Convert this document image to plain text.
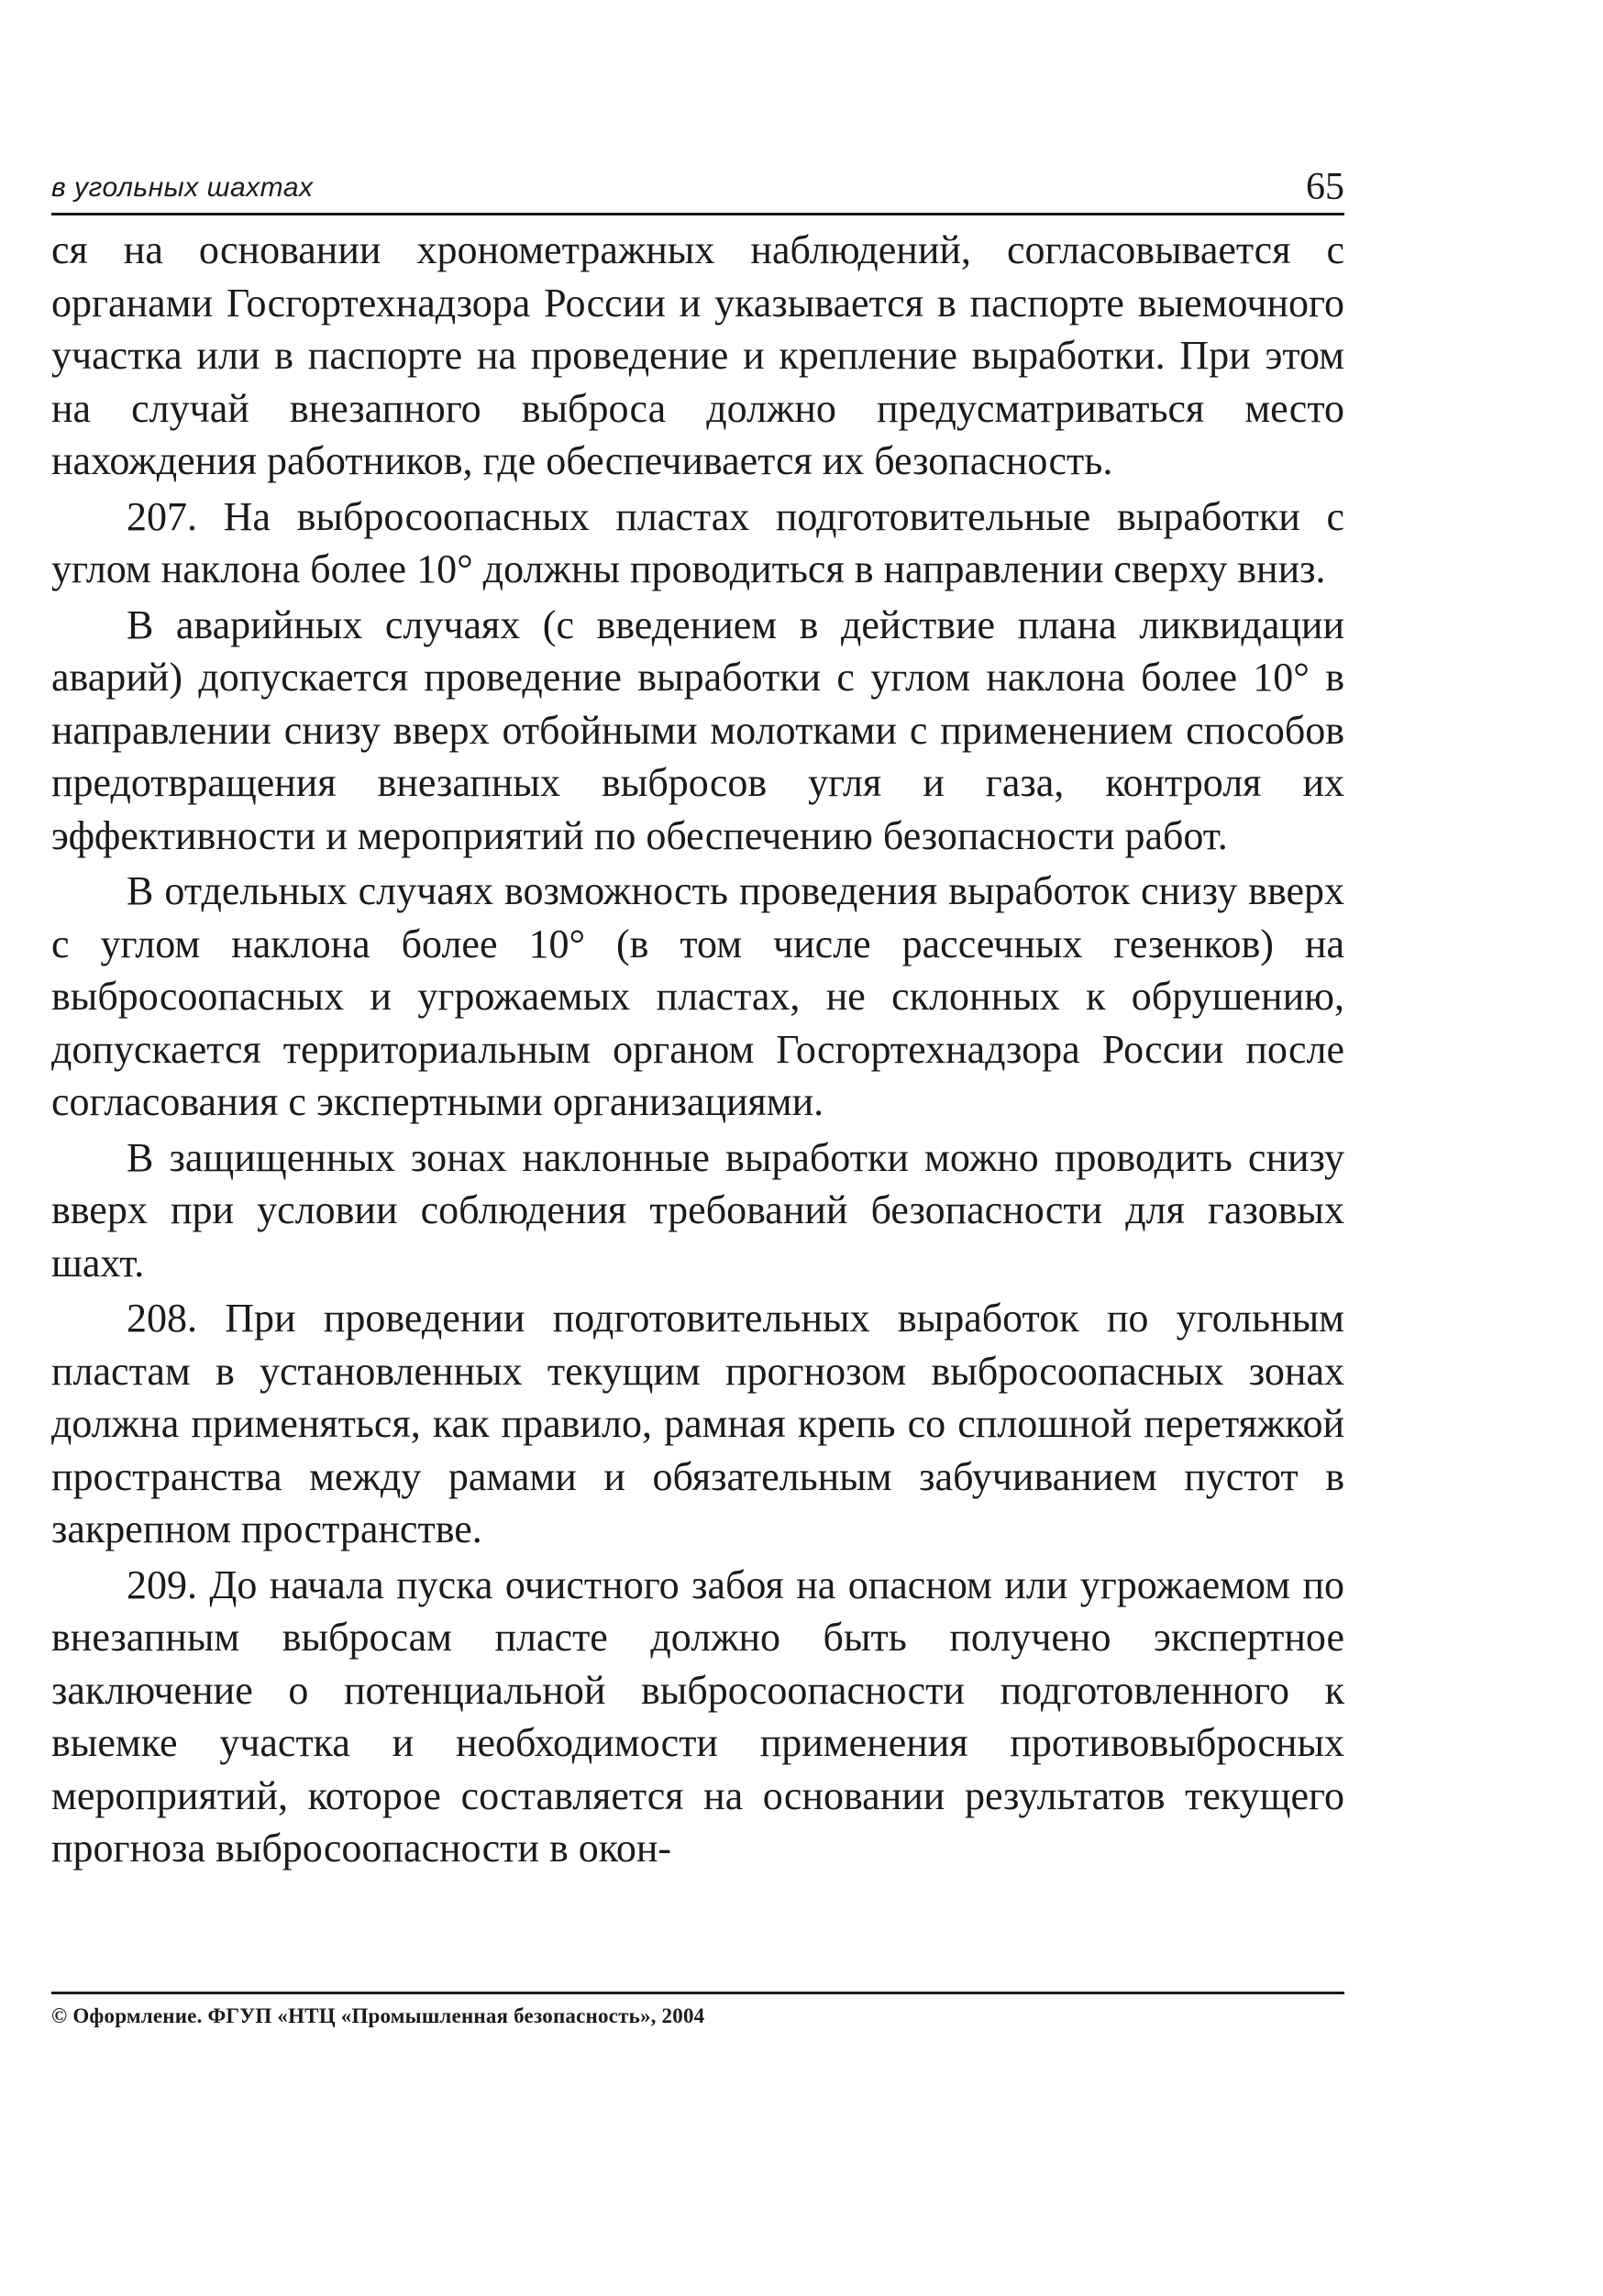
в угольных шахтах	65

ся на основании хронометражных наблюдений, согласовывается с органами Госгортехнадзора России и указывается в паспорте выемочного участка или в паспорте на проведение и крепление выработки. При этом на случай внезапного выброса должно предусматриваться место нахождения работников, где обеспечивается их безопасность.

207. На выбросоопасных пластах подготовительные выработки с углом наклона более 10° должны проводиться в направлении сверху вниз.

В аварийных случаях (с введением в действие плана ликвидации аварий) допускается проведение выработки с углом наклона более 10° в направлении снизу вверх отбойными молотками с применением способов предотвращения внезапных выбросов угля и газа, контроля их эффективности и мероприятий по обеспечению безопасности работ.

В отдельных случаях возможность проведения выработок снизу вверх с углом наклона более 10° (в том числе рассечных гезенков) на выбросоопасных и угрожаемых пластах, не склонных к обрушению, допускается территориальным органом Госгортехнадзора России после согласования с экспертными организациями.

В защищенных зонах наклонные выработки можно проводить снизу вверх при условии соблюдения требований безопасности для газовых шахт.

208. При проведении подготовительных выработок по угольным пластам в установленных текущим прогнозом выбросоопасных зонах должна применяться, как правило, рамная крепь со сплошной перетяжкой пространства между рамами и обязательным забучиванием пустот в закрепном пространстве.

209. До начала пуска очистного забоя на опасном или угрожаемом по внезапным выбросам пласте должно быть получено экспертное заключение о потенциальной выбросоопасности подготовленного к выемке участка и необходимости применения противовыбросных мероприятий, которое составляется на основании результатов текущего прогноза выбросоопасности в окон-

© Оформление. ФГУП «НТЦ «Промышленная безопасность», 2004
